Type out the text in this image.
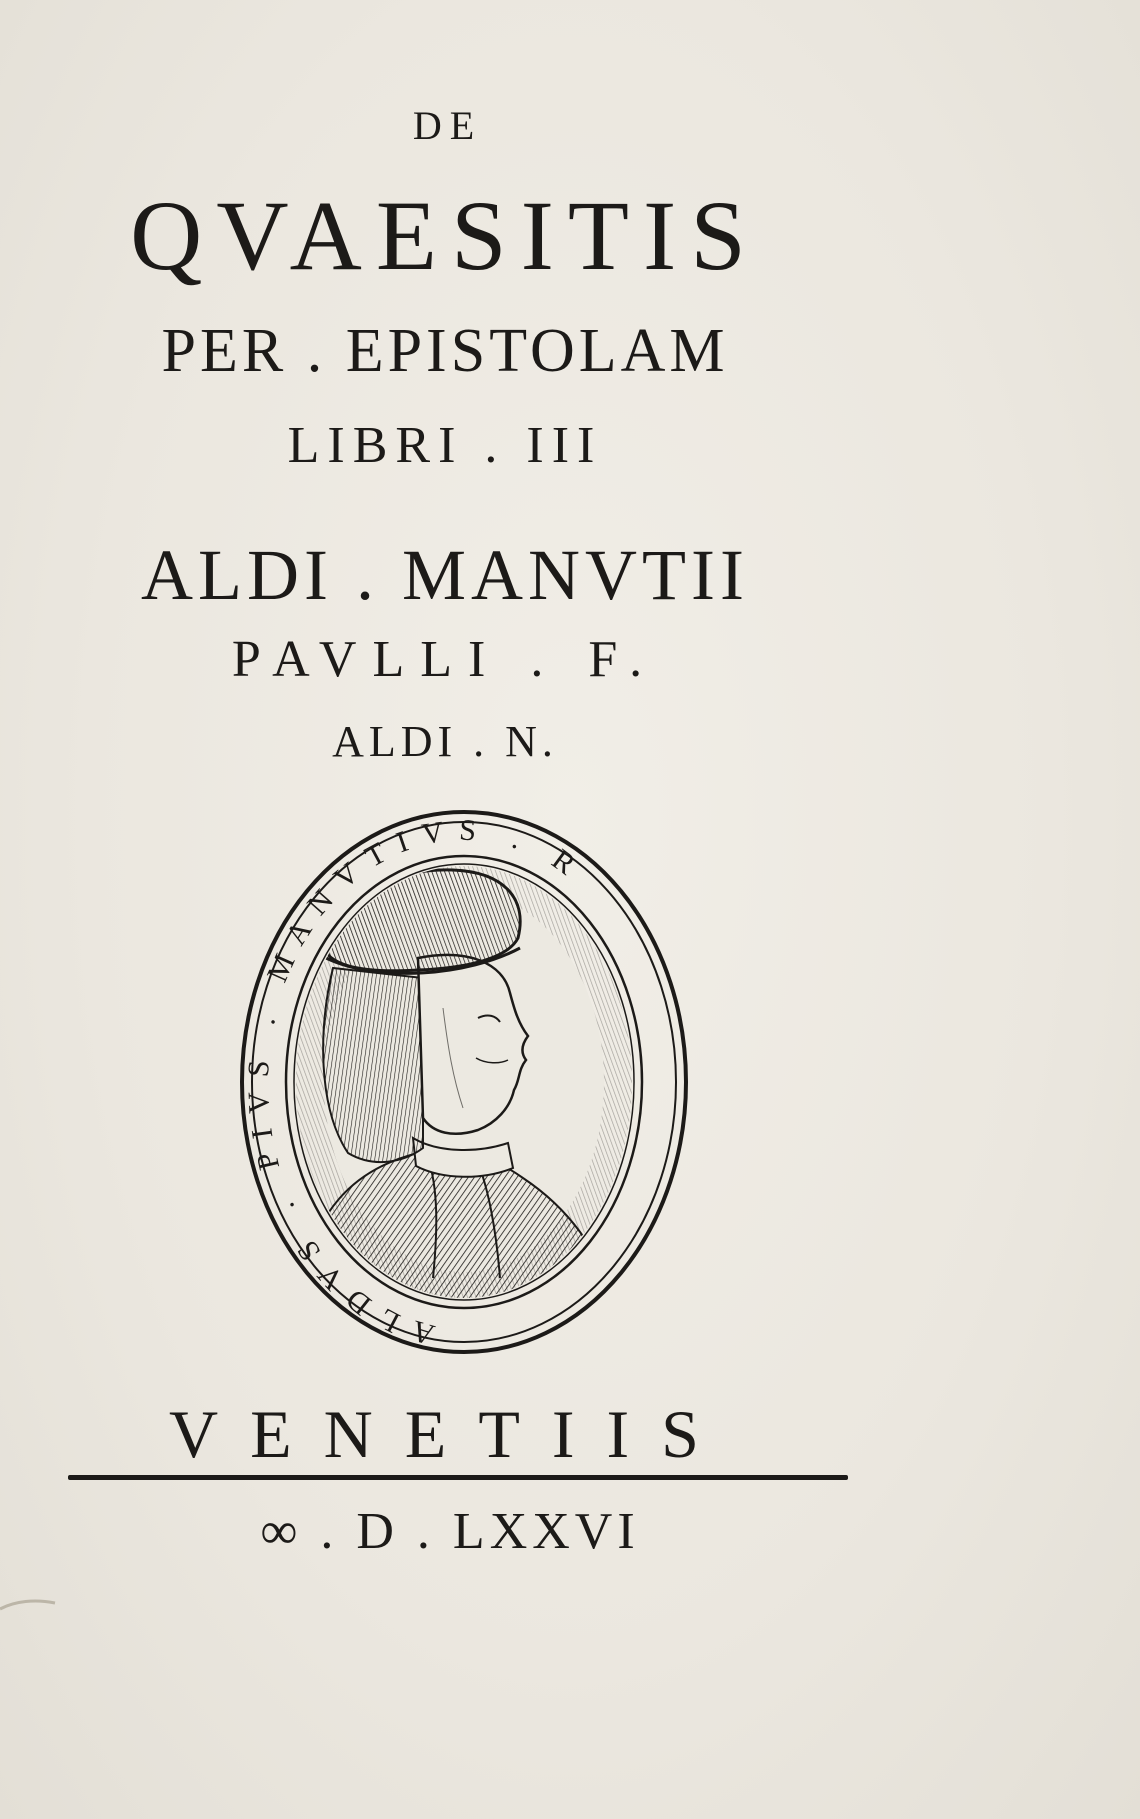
DE
QVAESITIS
PER . EPISTOLAM
LIBRI . III
ALDI . MANVTII
PAVLLI . F.
ALDI . N.
ALDVS . PIVS . MANVTIVS . R
VENETIIS
∞ . D . LXXVI
